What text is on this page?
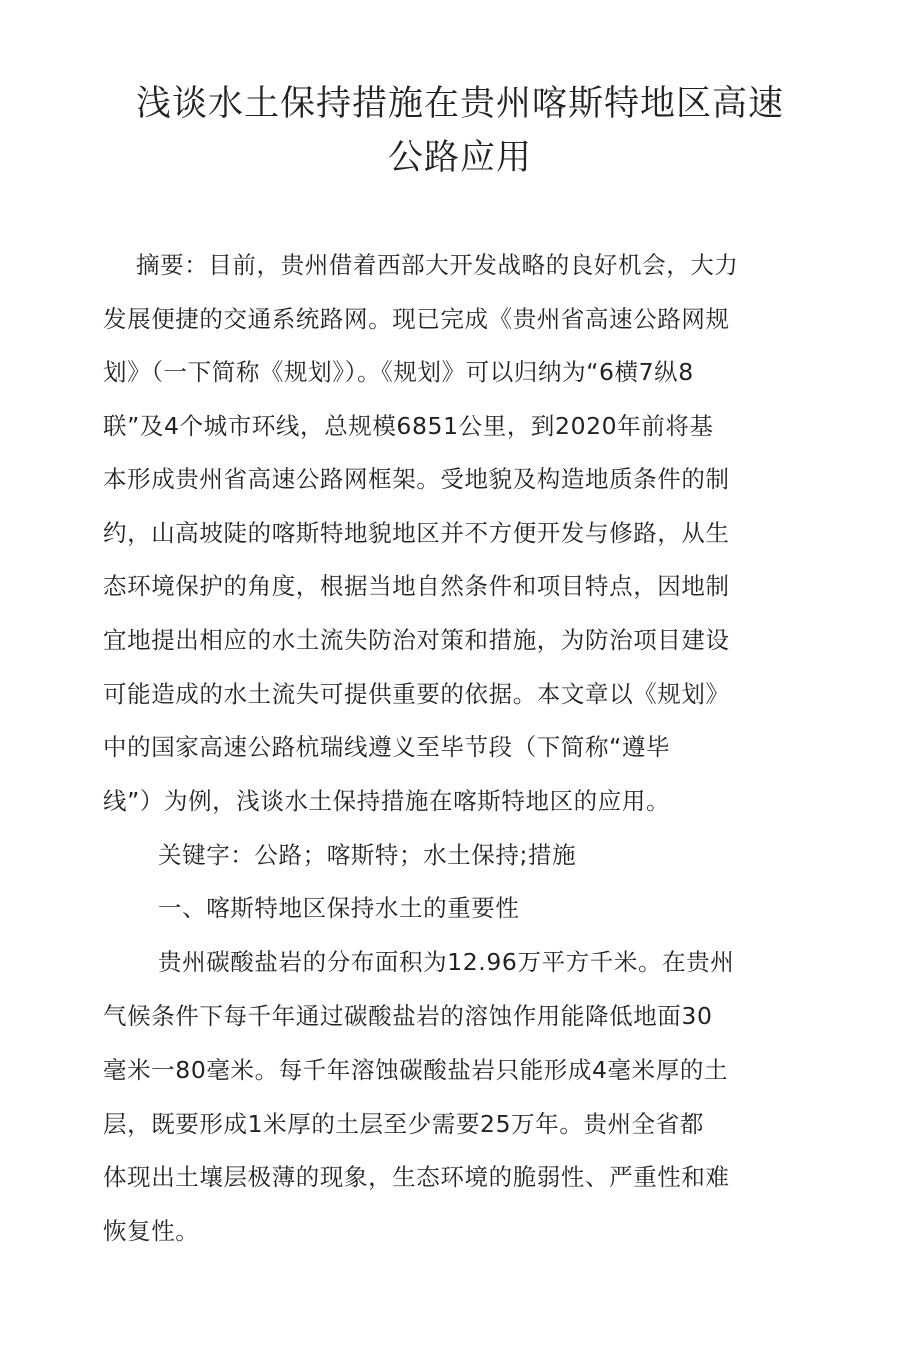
浅谈水土保持措施在贵州喀斯特地区高速
公路应用

摘要：目前，贵州借着西部大开发战略的良好机会，大力

发展便捷的交通系统路网。现已完成《贵州省高速公路网规

划》（一下简称《规划》）。《规划》可以归纳为“6横7纵8

联”及4个城市环线，总规模6851公里，到2020年前将基

本形成贵州省高速公路网框架。受地貌及构造地质条件的制

约，山高坡陡的喀斯特地貌地区并不方便开发与修路，从生

态环境保护的角度，根据当地自然条件和项目特点，因地制

宜地提出相应的水土流失防治对策和措施，为防治项目建设

可能造成的水土流失可提供重要的依据。本文章以《规划》

中的国家高速公路杭瑞线遵义至毕节段（下简称“遵毕

线”）为例，浅谈水土保持措施在喀斯特地区的应用。

关键字：公路；喀斯特；水土保持;措施

一、喀斯特地区保持水土的重要性

贵州碳酸盐岩的分布面积为12.96万平方千米。在贵州

气候条件下每千年通过碳酸盐岩的溶蚀作用能降低地面30

毫米一80毫米。每千年溶蚀碳酸盐岩只能形成4毫米厚的土

层，既要形成1米厚的土层至少需要25万年。贵州全省都

体现出土壤层极薄的现象，生态环境的脆弱性、严重性和难

恢复性。
